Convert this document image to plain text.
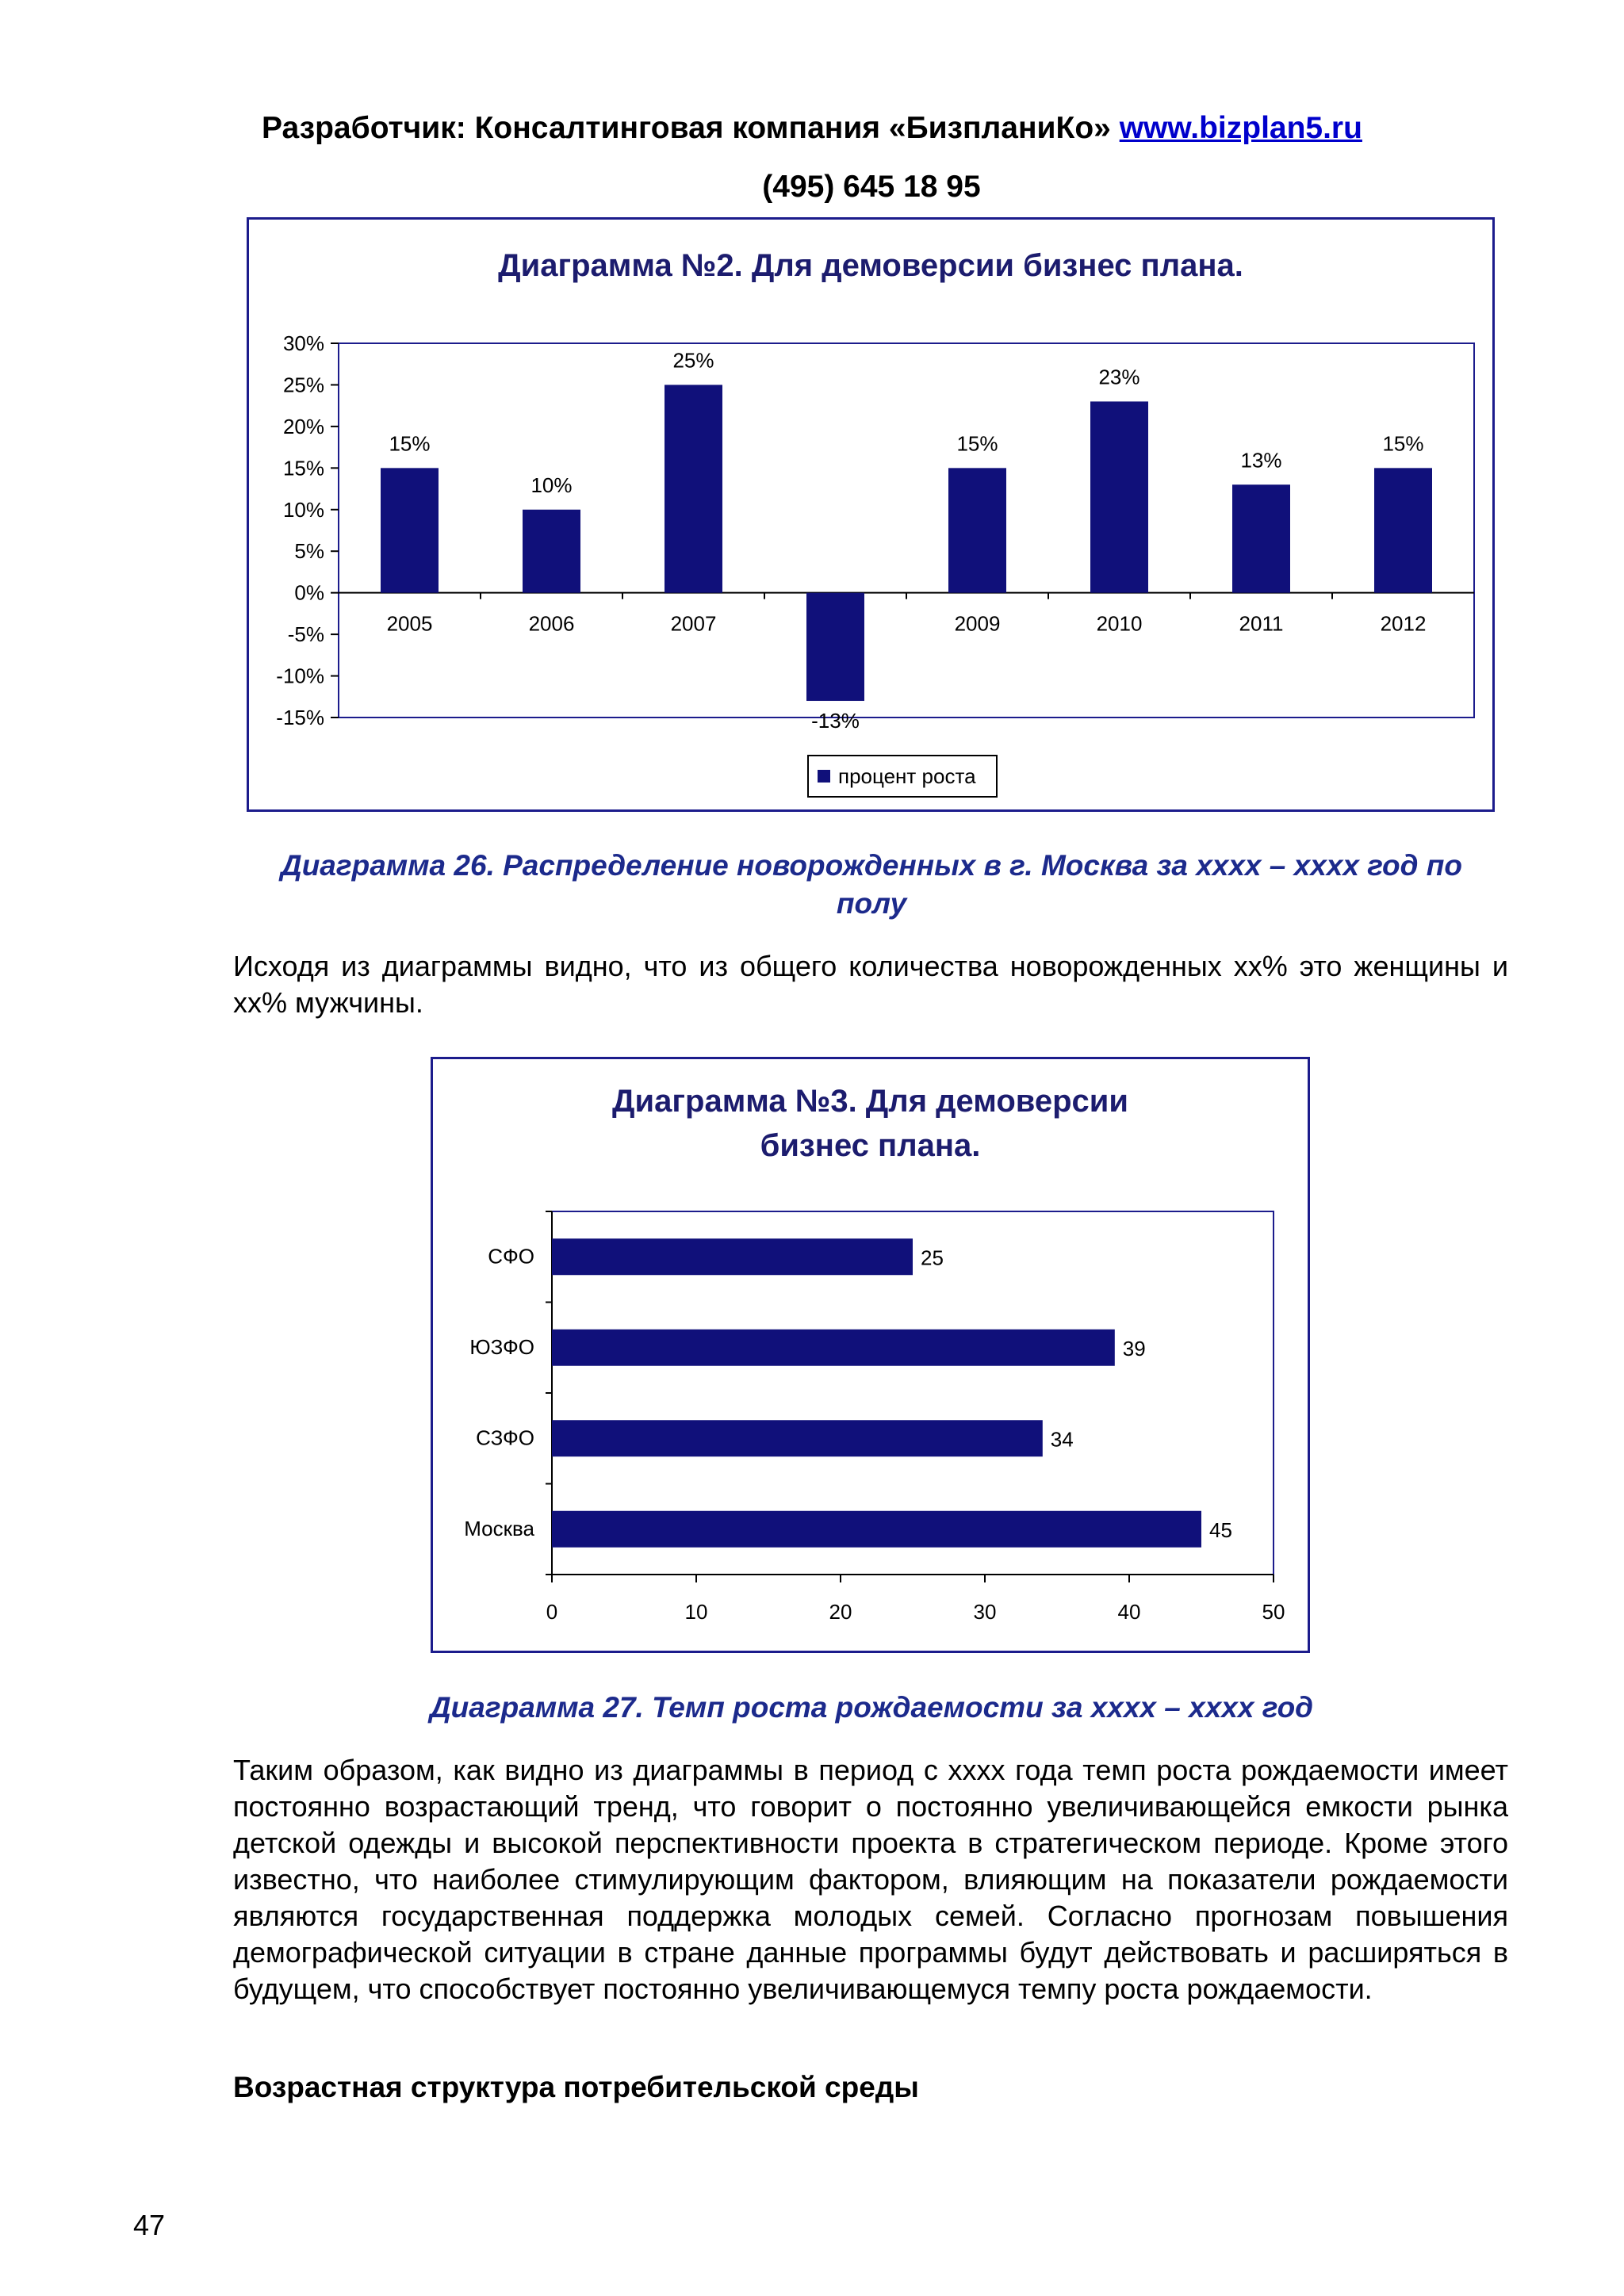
Разработчик: Консалтинговая компания «БизпланиКо» www.bizplan5.ru
(495) 645 18 95
Диаграмма №2. Для демоверсии бизнес плана.
30%
25%
20%
15%
10%
5%
0%
-5%
-10%
-15%
15%
2005
10%
2006
25%
2007
-13%
15%
2009
23%
2010
13%
2011
15%
2012
процент роста
Диаграмма 26. Распределение новорожденных в г. Москва за хххх – хххх год по полу
Исходя из диаграммы видно, что из общего количества новорожденных хх% это женщины и хх% мужчины.
Диаграмма №3. Для демоверсии бизнес плана.
0	10	20	30	40	50
25
СФО
39
ЮЗФО
34
СЗФО
45
Москва
Диаграмма 27. Темп роста рождаемости за хххх – хххх год
Таким образом, как видно из диаграммы в период с хххх года темп роста рождаемости имеет постоянно возрастающий тренд, что говорит о постоянно увеличивающейся емкости рынка детской одежды и высокой перспективности проекта в стратегическом периоде. Кроме этого известно, что наиболее стимулирующим фактором, влияющим на показатели рождаемости являются государственная поддержка молодых семей. Согласно прогнозам повышения демографической ситуации в стране данные программы будут действовать и расширяться в будущем, что способствует постоянно увеличивающемуся темпу роста рождаемости.
Возрастная структура потребительской среды
47
